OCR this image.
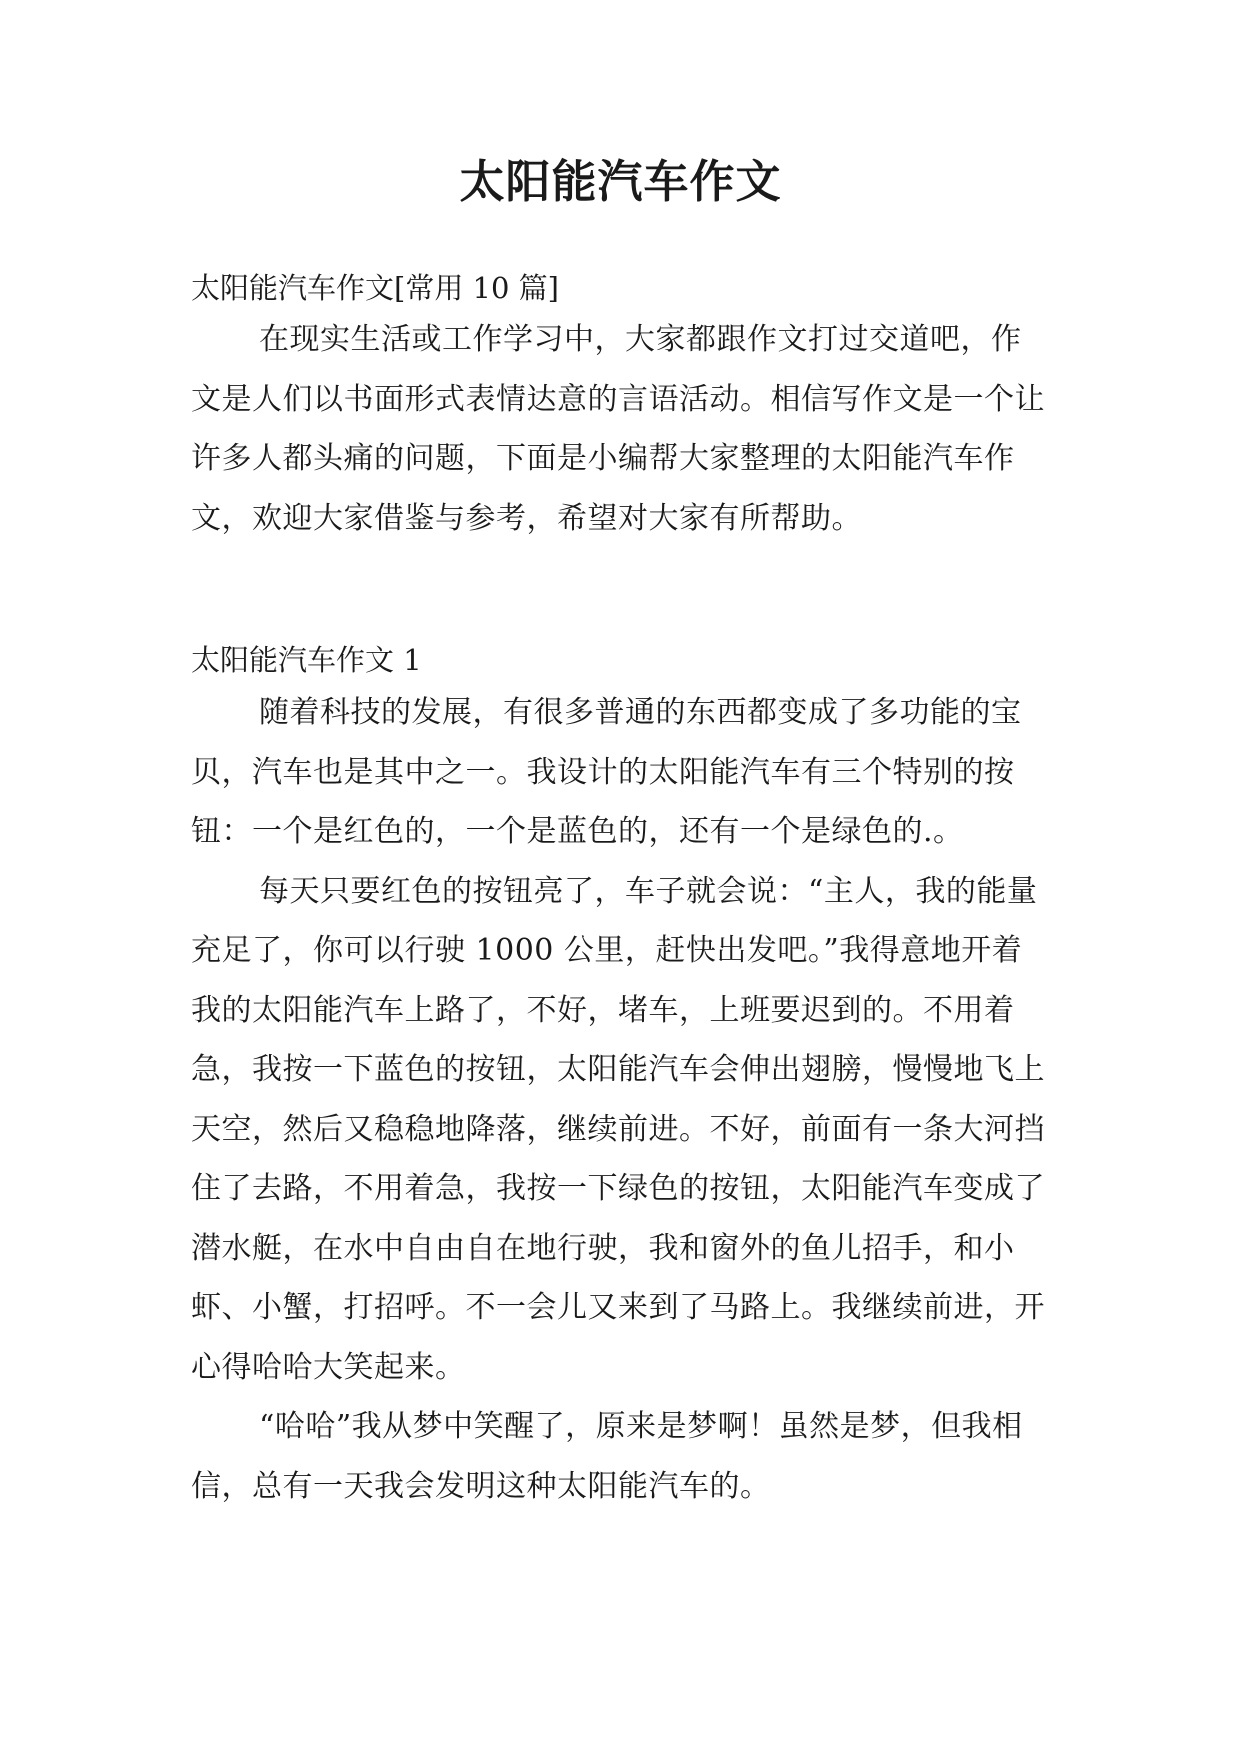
太阳能汽车作文
太阳能汽车作文[常用 10 篇]

在现实生活或工作学习中，大家都跟作文打过交道吧，作文是人们以书面形式表情达意的言语活动。相信写作文是一个让许多人都头痛的问题，下面是小编帮大家整理的太阳能汽车作文，欢迎大家借鉴与参考，希望对大家有所帮助。

太阳能汽车作文 1

随着科技的发展，有很多普通的东西都变成了多功能的宝贝，汽车也是其中之一。我设计的太阳能汽车有三个特别的按钮：一个是红色的，一个是蓝色的，还有一个是绿色的.。

每天只要红色的按钮亮了，车子就会说：“主人，我的能量充足了，你可以行驶 1000 公里，赶快出发吧。”我得意地开着我的太阳能汽车上路了，不好，堵车，上班要迟到的。不用着急，我按一下蓝色的按钮，太阳能汽车会伸出翅膀，慢慢地飞上天空，然后又稳稳地降落，继续前进。不好，前面有一条大河挡住了去路，不用着急，我按一下绿色的按钮，太阳能汽车变成了潜水艇，在水中自由自在地行驶，我和窗外的鱼儿招手，和小虾、小蟹，打招呼。不一会儿又来到了马路上。我继续前进，开心得哈哈大笑起来。

“哈哈”我从梦中笑醒了，原来是梦啊！虽然是梦，但我相信，总有一天我会发明这种太阳能汽车的。
